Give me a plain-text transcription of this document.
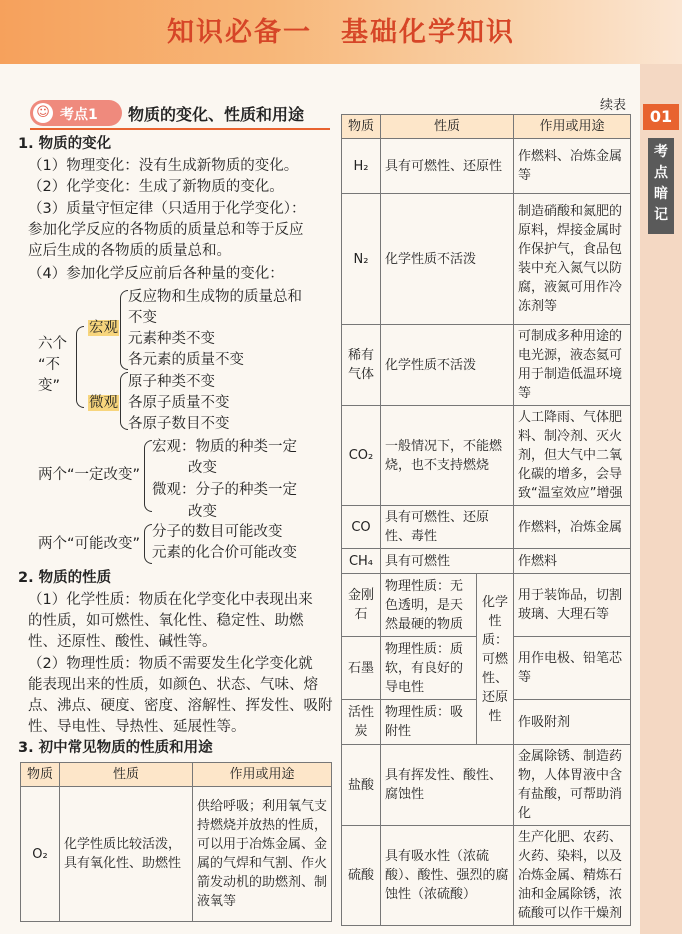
知识必备一　基础化学知识
01
考点暗记
☺ 考点1 物质的变化、性质和用途
1. 物质的变化
（1）物理变化：没有生成新物质的变化。
（2）化学变化：生成了新物质的变化。
（3）质量守恒定律（只适用于化学变化）：
参加化学反应的各物质的质量总和等于反应
应后生成的各物质的质量总和。
（4）参加化学反应前后各种量的变化：
六个
“不
变”
宏观
微观
反应物和生成物的质量总和
不变
元素种类不变
各元素的质量不变
原子种类不变
各原子质量不变
各原子数目不变
两个“一定改变”
宏观：物质的种类一定
改变
微观：分子的种类一定
改变
两个“可能改变”
分子的数目可能改变
元素的化合价可能改变
2. 物质的性质
（1）化学性质：物质在化学变化中表现出来
的性质，如可燃性、氧化性、稳定性、助燃
性、还原性、酸性、碱性等。
（2）物理性质：物质不需要发生化学变化就
能表现出来的性质，如颜色、状态、气味、熔
点、沸点、硬度、密度、溶解性、挥发性、吸附
性、导电性、导热性、延展性等。
3. 初中常见物质的性质和用途
物质	性质	作用或用途
O₂	化学性质比较活泼，具有氧化性、助燃性	供给呼吸；利用氧气支持燃烧并放热的性质，可以用于冶炼金属、金属的气焊和气割、作火箭发动机的助燃剂、制液氧等
续表
物质	性质		作用或用途
H₂	具有可燃性、还原性		作燃料、冶炼金属等
N₂	化学性质不活泼		制造硝酸和氮肥的原料，焊接金属时作保护气，食品包装中充入氮气以防腐，液氮可用作冷冻剂等
稀有气体	化学性质不活泼		可制成多种用途的电光源，液态氦可用于制造低温环境等
CO₂	一般情况下，不能燃烧，也不支持燃烧		人工降雨、气体肥料、制冷剂、灭火剂，但大气中二氧化碳的增多，会导致“温室效应”增强
CO	具有可燃性、还原性、毒性		作燃料，冶炼金属
CH₄	具有可燃性		作燃料
金刚石	物理性质：无色透明，是天然最硬的物质	化学性质：可燃性、还原性	用于装饰品，切割玻璃、大理石等
石墨	物理性质：质软，有良好的导电性		用作电极、铅笔芯等
活性炭	物理性质：吸附性		作吸附剂
盐酸	具有挥发性、酸性、腐蚀性		金属除锈、制造药物，人体胃液中含有盐酸，可帮助消化
硫酸	具有吸水性（浓硫酸）、酸性、强烈的腐蚀性（浓硫酸）		生产化肥、农药、火药、染料，以及冶炼金属、精炼石油和金属除锈，浓硫酸可以作干燥剂
